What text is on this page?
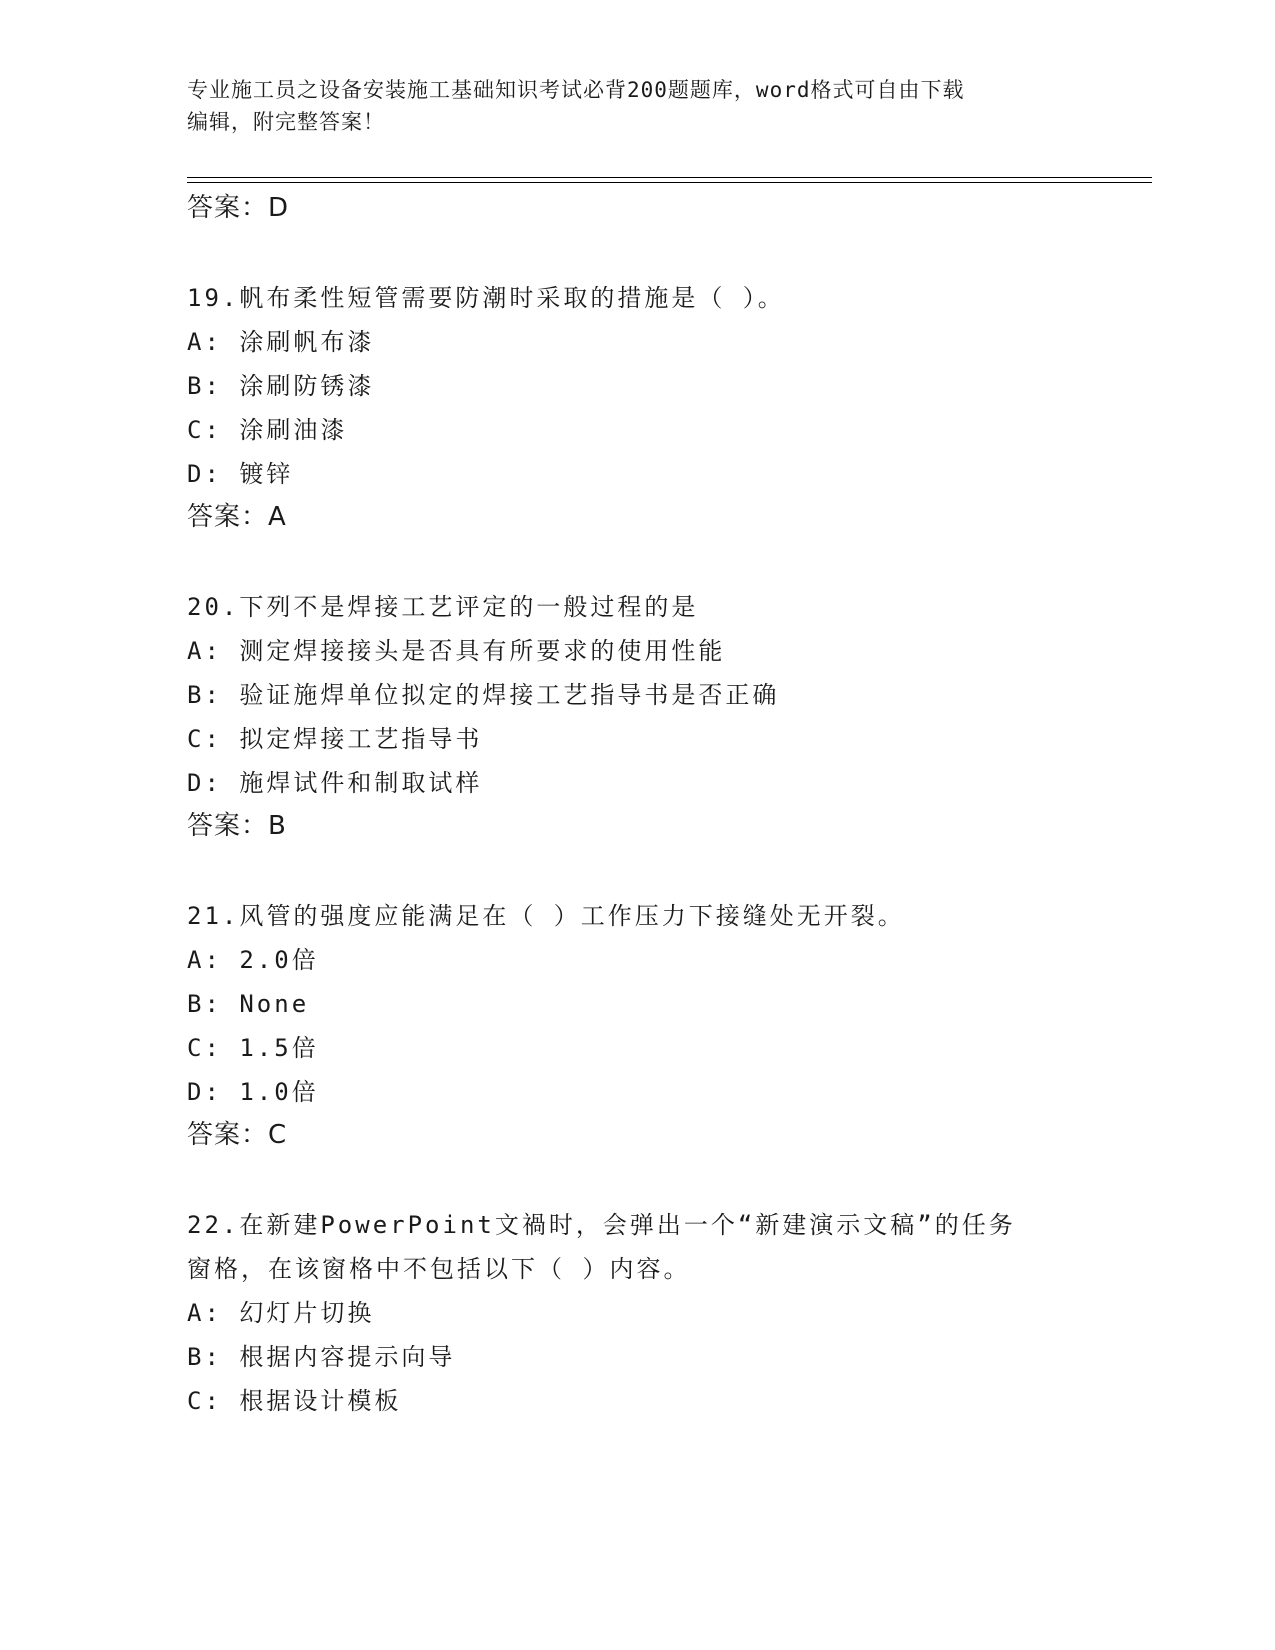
专业施工员之设备安装施工基础知识考试必背200题题库，word格式可自由下载
编辑，附完整答案！
答案：D
19.帆布柔性短管需要防潮时采取的措施是（ ）。
A: 涂刷帆布漆
B: 涂刷防锈漆
C: 涂刷油漆
D: 镀锌
答案：A
20.下列不是焊接工艺评定的一般过程的是
A: 测定焊接接头是否具有所要求的使用性能
B: 验证施焊单位拟定的焊接工艺指导书是否正确
C: 拟定焊接工艺指导书
D: 施焊试件和制取试样
答案：B
21.风管的强度应能满足在（ ）工作压力下接缝处无开裂。
A: 2.0倍
B: None
C: 1.5倍
D: 1.0倍
答案：C
22.在新建PowerPoint文禍时，会弹出一个“新建演示文稿”的任务
窗格，在该窗格中不包括以下（ ）内容。
A: 幻灯片切换
B: 根据内容提示向导
C: 根据设计模板
